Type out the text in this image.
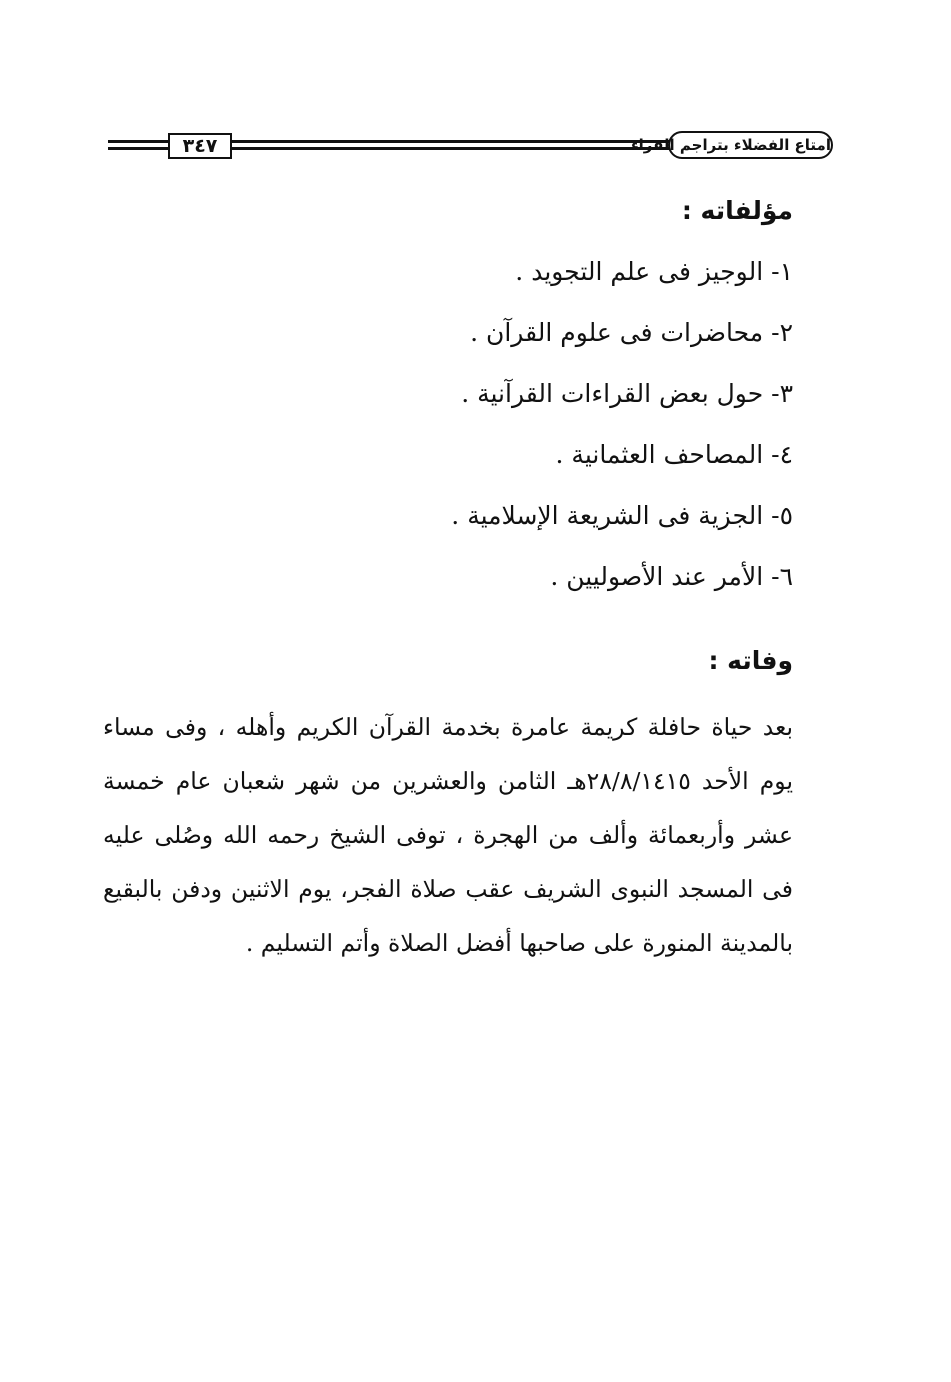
٣٤٧	امتاع الفضلاء بتراجم القراء
مؤلفاته :
١- الوجيز فى علم التجويد .
٢- محاضرات فى علوم القرآن .
٣- حول بعض القراءات القرآنية .
٤- المصاحف العثمانية .
٥- الجزية فى الشريعة الإسلامية .
٦- الأمر عند الأصوليين .
وفاته :

بعد حياة حافلة كريمة عامرة بخدمة القرآن الكريم وأهله ، وفى مساء يوم الأحد ٢٨/٨/١٤١٥هـ الثامن والعشرين من شهر شعبان عام خمسة عشر وأربعمائة وألف من الهجرة ، توفى الشيخ رحمه الله وصُلى عليه فى المسجد النبوى الشريف عقب صلاة الفجر، يوم الاثنين ودفن بالبقيع بالمدينة المنورة على صاحبها أفضل الصلاة وأتم التسليم .
